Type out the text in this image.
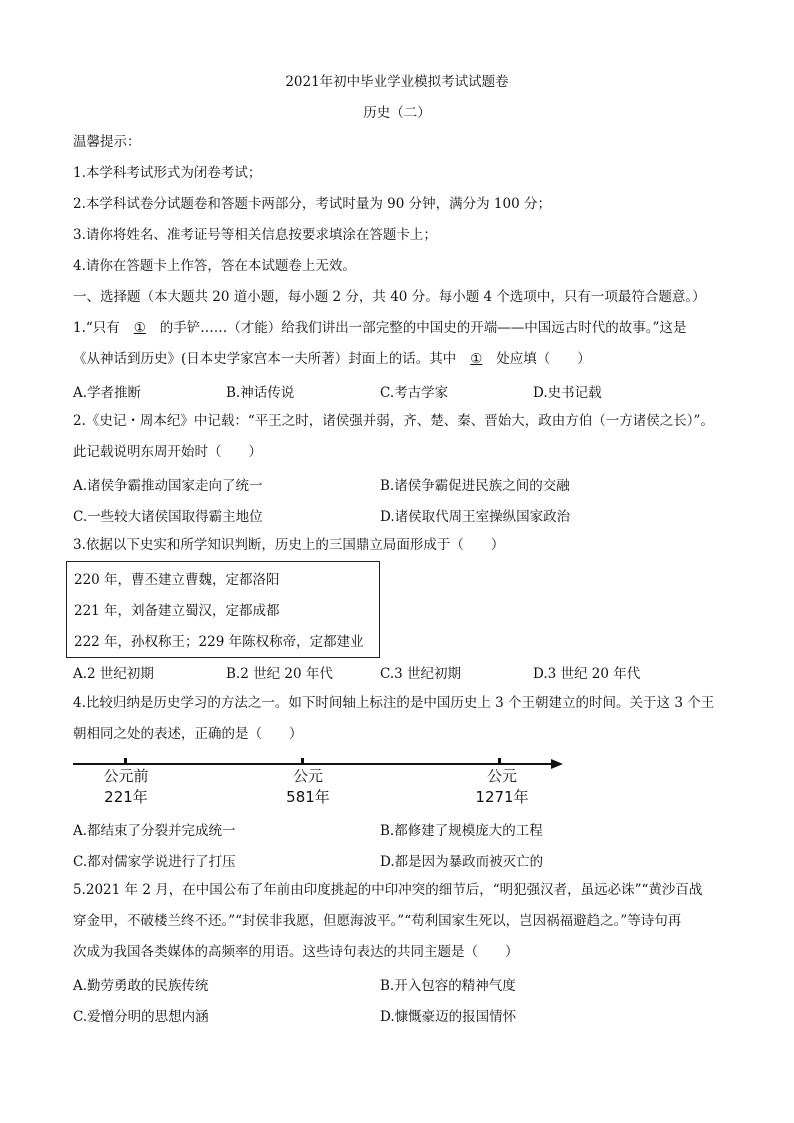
2021年初中毕业学业模拟考试试题卷
历史（二）
温馨提示：
1.本学科考试形式为闭卷考试；
2.本学科试卷分试题卷和答题卡两部分，考试时量为 90 分钟，满分为 100 分；
3.请你将姓名、准考证号等相关信息按要求填涂在答题卡上；
4.请你在答题卡上作答，答在本试题卷上无效。
一、选择题（本大题共 20 道小题，每小题 2 分，共 40 分。每小题 4 个选项中，只有一项最符合题意。）
1.“只有 ① 的手铲……（才能）给我们讲出一部完整的中国史的开端——中国远古时代的故事。”这是
《从神话到历史》(日本史学家宫本一夫所著）封面上的话。其中 ① 处应填（　　）
A.学者推断	B.神话传说	C.考古学家	D.史书记载
2.《史记・周本纪》中记载：“平王之时，诸侯强并弱，齐、楚、秦、晋始大，政由方伯（一方诸侯之长）”。
此记载说明东周开始时（　　）
A.诸侯争霸推动国家走向了统一	B.诸侯争霸促进民族之间的交融
C.一些较大诸侯国取得霸主地位	D.诸侯取代周王室操纵国家政治
3.依据以下史实和所学知识判断，历史上的三国鼎立局面形成于（　　）
220 年，曹丕建立曹魏，定都洛阳
221 年，刘备建立蜀汉，定都成都
222 年，孙权称王；229 年陈权称帝，定都建业
A.2 世纪初期	B.2 世纪 20 年代	C.3 世纪初期	D.3 世纪 20 年代
4.比较归纳是历史学习的方法之一。如下时间轴上标注的是中国历史上 3 个王朝建立的时间。关于这 3 个王
朝相同之处的表述，正确的是（　　）
公元前
221年
公元
581年
公元
1271年
A.都结束了分裂并完成统一	B.都修建了规模庞大的工程
C.都对儒家学说进行了打压	D.都是因为暴政而被灭亡的
5.2021 年 2 月，在中国公布了年前由印度挑起的中印冲突的细节后，“明犯强汉者，虽远必诛”“黄沙百战
穿金甲，不破楼兰终不还。”“封侯非我愿，但愿海波平。”“苟利国家生死以，岂因祸福避趋之。”等诗句再
次成为我国各类媒体的高频率的用语。这些诗句表达的共同主题是（　　）
A.勤劳勇敢的民族传统	B.开入包容的精神气度
C.爱憎分明的思想内涵	D.慷慨豪迈的报国情怀
